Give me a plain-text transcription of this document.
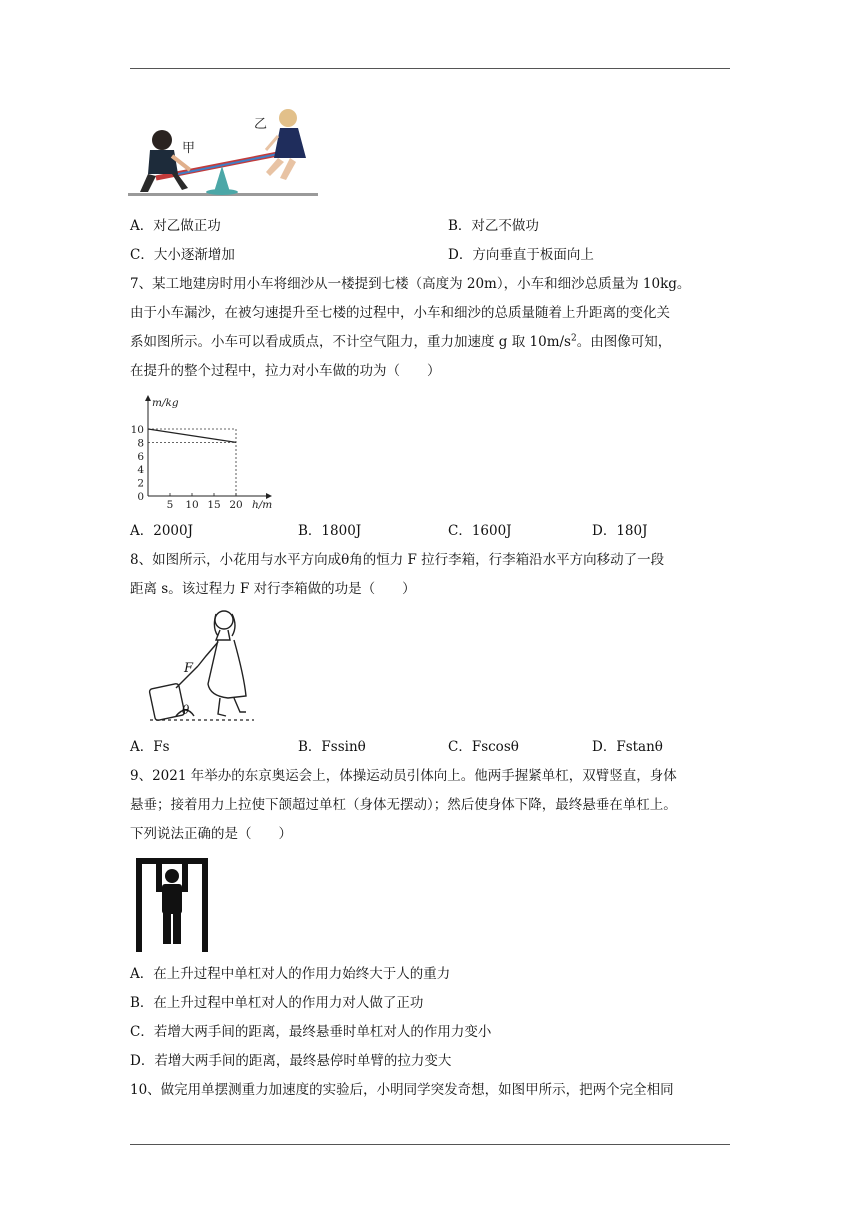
甲
乙
A．对乙做正功	B．对乙不做功
C．大小逐渐增加	D．方向垂直于板面向上
7、某工地建房时用小车将细沙从一楼提到七楼（高度为 20m），小车和细沙总质量为 10kg。
由于小车漏沙，在被匀速提升至七楼的过程中，小车和细沙的总质量随着上升距离的变化关
系如图所示。小车可以看成质点，不计空气阻力，重力加速度 g 取 $10m/s^2$。由图像可知，
在提升的整个过程中，拉力对小车做的功为（　　）
0
2
4
6
8
10
5 10 15 20
m/kg
h/m
A．2000J	B．1800J	C．1600J	D．180J
8、如图所示，小花用与水平方向成θ角的恒力 F 拉行李箱，行李箱沿水平方向移动了一段
距离 s。该过程力 F 对行李箱做的功是（　　）
F
θ
A．Fs	B．Fssinθ	C．Fscosθ	D．Fstanθ
9、2021 年举办的东京奥运会上，体操运动员引体向上。他两手握紧单杠，双臂竖直，身体
悬垂；接着用力上拉使下颌超过单杠（身体无摆动）；然后使身体下降，最终悬垂在单杠上。
下列说法正确的是（　　）
A．在上升过程中单杠对人的作用力始终大于人的重力
B．在上升过程中单杠对人的作用力对人做了正功
C．若增大两手间的距离，最终悬垂时单杠对人的作用力变小
D．若增大两手间的距离，最终悬停时单臂的拉力变大
10、做完用单摆测重力加速度的实验后，小明同学突发奇想，如图甲所示，把两个完全相同
